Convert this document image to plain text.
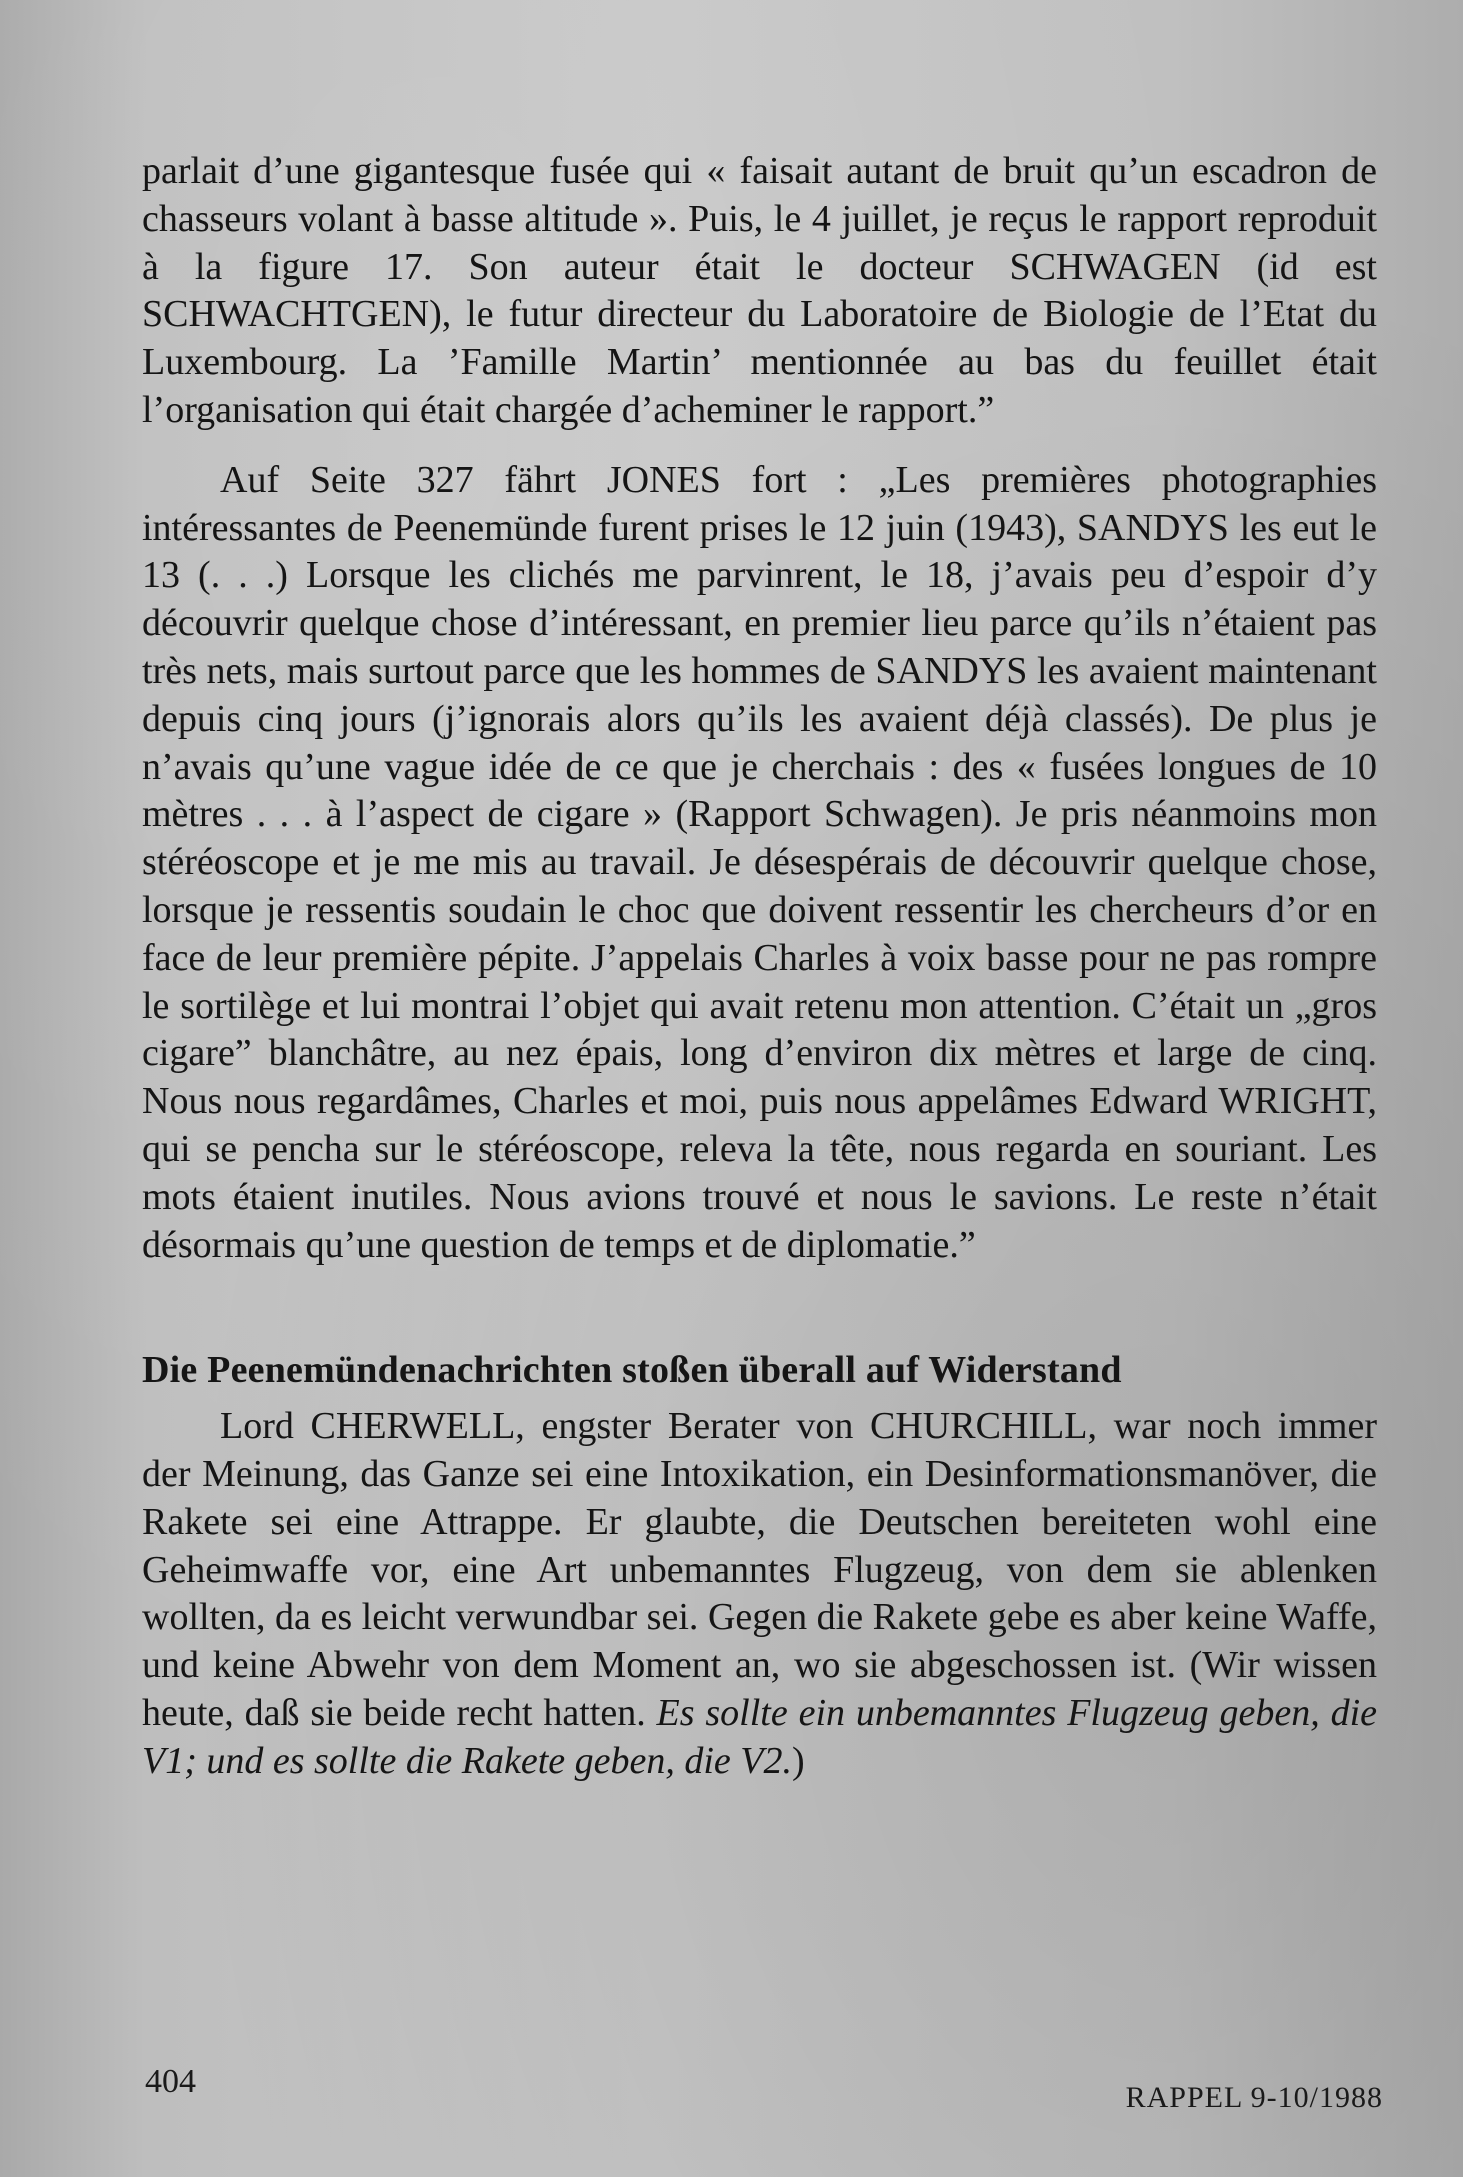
parlait d’une gigantesque fusée qui « faisait autant de bruit qu’un escadron de chasseurs volant à basse altitude ». Puis, le 4 juillet, je reçus le rapport reproduit à la figure 17. Son auteur était le docteur SCHWAGEN (id est SCHWACHTGEN), le futur directeur du Laboratoire de Biologie de l’Etat du Luxembourg. La ’Famille Martin’ mentionnée au bas du feuillet était l’organisation qui était chargée d’acheminer le rapport.”

Auf Seite 327 fährt JONES fort : „Les premières photographies intéressantes de Peenemünde furent prises le 12 juin (1943), SANDYS les eut le 13 (. . .) Lorsque les clichés me parvinrent, le 18, j’avais peu d’espoir d’y découvrir quelque chose d’intéressant, en premier lieu parce qu’ils n’étaient pas très nets, mais surtout parce que les hommes de SANDYS les avaient maintenant depuis cinq jours (j’ignorais alors qu’ils les avaient déjà classés). De plus je n’avais qu’une vague idée de ce que je cherchais : des « fusées longues de 10 mètres . . . à l’aspect de cigare » (Rapport Schwagen). Je pris néanmoins mon stéréoscope et je me mis au travail. Je désespérais de découvrir quelque chose, lorsque je ressentis soudain le choc que doivent ressentir les chercheurs d’or en face de leur première pépite. J’appelais Charles à voix basse pour ne pas rompre le sortilège et lui montrai l’objet qui avait retenu mon attention. C’était un „gros cigare” blanchâtre, au nez épais, long d’environ dix mètres et large de cinq. Nous nous regardâmes, Charles et moi, puis nous appelâmes Edward WRIGHT, qui se pencha sur le stéréoscope, releva la tête, nous regarda en souriant. Les mots étaient inutiles. Nous avions trouvé et nous le savions. Le reste n’était désormais qu’une question de temps et de diplomatie.”

Die Peenemündenachrichten stoßen überall auf Widerstand

Lord CHERWELL, engster Berater von CHURCHILL, war noch immer der Meinung, das Ganze sei eine Intoxikation, ein Desinformationsmanöver, die Rakete sei eine Attrappe. Er glaubte, die Deutschen bereiteten wohl eine Geheimwaffe vor, eine Art unbemanntes Flugzeug, von dem sie ablenken wollten, da es leicht verwundbar sei. Gegen die Rakete gebe es aber keine Waffe, und keine Abwehr von dem Moment an, wo sie abgeschossen ist. (Wir wissen heute, daß sie beide recht hatten. Es sollte ein unbemanntes Flugzeug geben, die V1; und es sollte die Rakete geben, die V2.)

404	RAPPEL 9-10/1988
